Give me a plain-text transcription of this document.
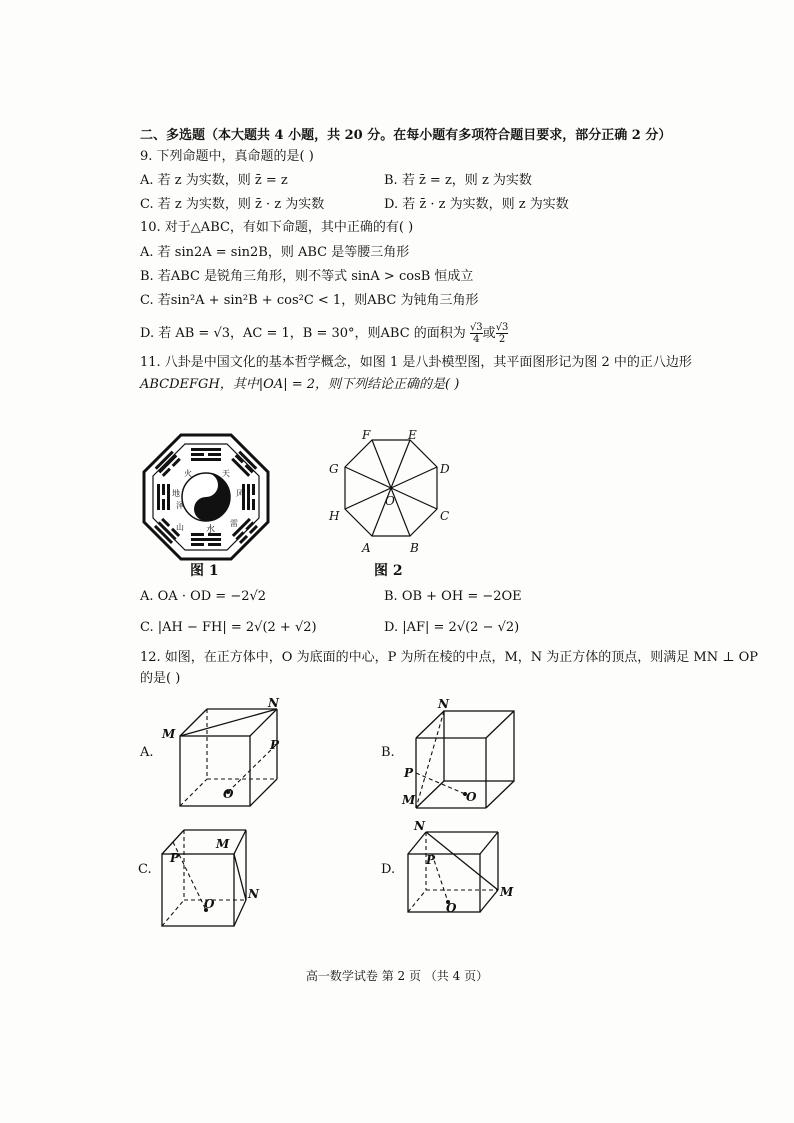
二、多选题（本大题共 4 小题，共 20 分。在每小题有多项符合题目要求，部分正确 2 分）
9. 下列命题中，真命题的是( )
A. 若 z 为实数，则 z̄ = z	B. 若 z̄ = z，则 z 为实数
C. 若 z 为实数，则 z̄ · z 为实数	D. 若 z̄ · z 为实数，则 z 为实数
10. 对于△ABC，有如下命题，其中正确的有( )
A. 若 sin2A = sin2B，则 ABC 是等腰三角形
B. 若ABC 是锐角三角形，则不等式 sinA > cosB 恒成立
C. 若sin²A + sin²B + cos²C < 1，则ABC 为钝角三角形
D. 若 AB = √3，AC = 1，B = 30°，则ABC 的面积为 $\frac{√3}{4}$ 或 $\frac{√3}{2}$
11. 八卦是中国文化的基本哲学概念，如图 1 是八卦模型图，其平面图形记为图 2 中的正八边形
ABCDEFGH，其中|OA| = 2，则下列结论正确的是( )
火	天
风
水
山
地
雷
泽
图 1
F	E
D
C
B
A
H
G
O
图 2
A. OA · OD = −2√2	B. OB + OH = −2OE
C. |AH − FH| = 2√(2 + √2)	D. |AF| = 2√(2 − √2)
12. 如图，在正方体中，O 为底面的中心，P 为所在棱的中点，M，N 为正方体的顶点，则满足 MN ⊥ OP
的是( )
A.
M
N
P
O
B.
N
P
M	O
C.
M
N
P
O
D.
N
P
M
O
高一数学试卷 第 2 页 （共 4 页）
